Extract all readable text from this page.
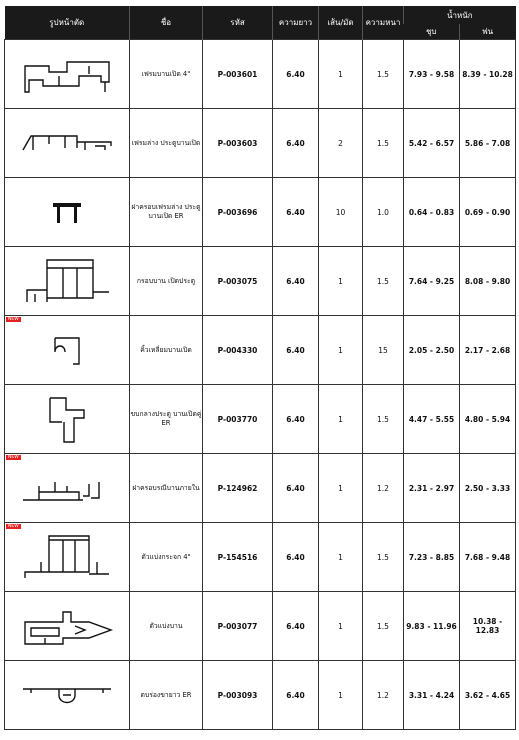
รูปหน้าตัด	ชื่อ	รหัส	ความยาว	เส้น/มัด	ความหนา	น้ำหนัก	
						ชุบ	พ่น

	เฟรมบานเปิด 4"	P-003601	6.40	1	1.5	7.93 - 9.58	8.39 - 10.28

	เฟรมล่าง ประตูบานเปิด	P-003603	6.40	2	1.5	5.42 - 6.57	5.86 - 7.08

	ฝาครอบเฟรมล่าง ประตูบานเปิด ER	P-003696	6.40	10	1.0	0.64 - 0.83	0.69 - 0.90

	กรอบบาน เปิดประตู	P-003075	6.40	1	1.5	7.64 - 9.25	8.08 - 9.80

NEW	คิ้วเหลี่ยมบานเปิด	P-004330	6.40	1	15	2.05 - 2.50	2.17 - 2.68

	ขบกลางประตู บานเปิดคู่ ER	P-003770	6.40	1	1.5	4.47 - 5.55	4.80 - 5.94

NEW	ฝาครอบรณีบานภายใน	P-124962	6.40	1	1.2	2.31 - 2.97	2.50 - 3.33

NEW	ตัวแบ่งกระจก 4"	P-154516	6.40	1	1.5	7.23 - 8.85	7.68 - 9.48

	ตัวแบ่งบาน	P-003077	6.40	1	1.5	9.83 - 11.96	10.38 - 12.83

	ตบร่องขายาว ER	P-003093	6.40	1	1.2	3.31 - 4.24	3.62 - 4.65
